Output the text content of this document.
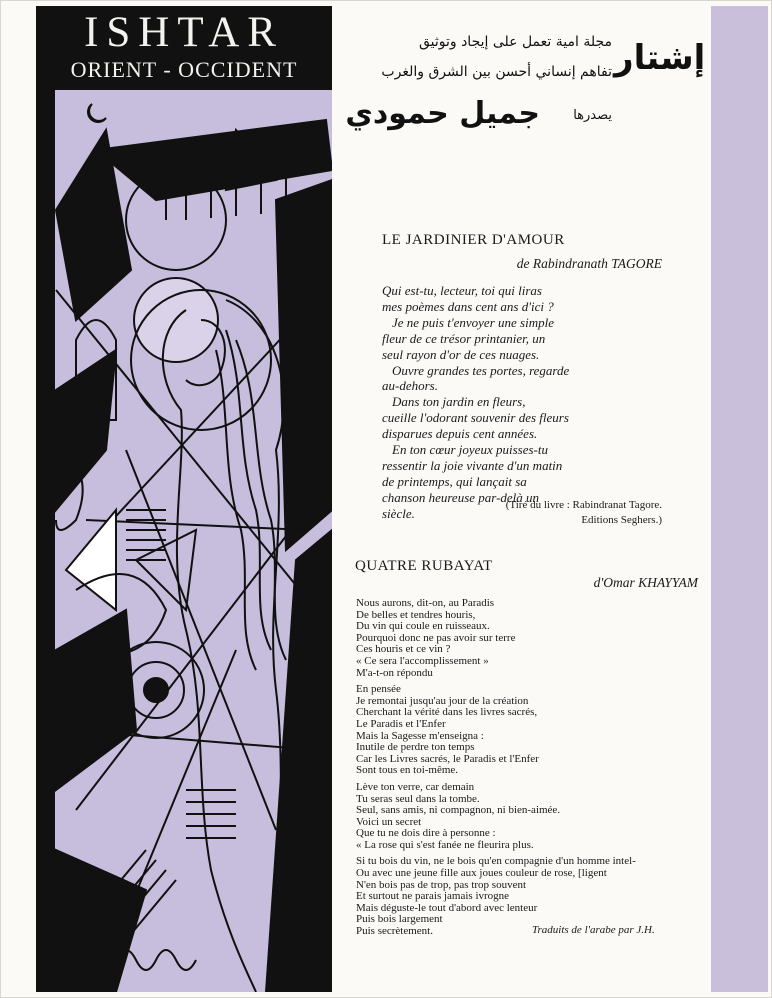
ISHTAR
ORIENT - OCCIDENT	إشتار
مجلة امية تعمل على إيجاد وتوثيق
تفاهم إنساني أحسن بين الشرق والغرب
يصدرها
جميل حمودي
LE JARDINIER D'AMOUR
de Rabindranath TAGORE
Qui est-tu, lecteur, toi qui liras
mes poèmes dans cent ans d'ici ?
Je ne puis t'envoyer une simple
fleur de ce trésor printanier, un
seul rayon d'or de ces nuages.
Ouvre grandes tes portes, regarde
au-dehors.
Dans ton jardin en fleurs,
cueille l'odorant souvenir des fleurs
disparues depuis cent années.
En ton cœur joyeux puisses-tu
ressentir la joie vivante d'un matin
de printemps, qui lançait sa
chanson heureuse par-delà un
siècle.
(Tiré du livre : Rabindranat Tagore.
Editions Seghers.)
QUATRE RUBAYAT
d'Omar KHAYYAM
Nous aurons, dit-on, au Paradis
De belles et tendres houris,
Du vin qui coule en ruisseaux.
Pourquoi donc ne pas avoir sur terre
Ces houris et ce vin ?
« Ce sera l'accomplissement »
M'a-t-on répondu
En pensée
Je remontai jusqu'au jour de la création
Cherchant la vérité dans les livres sacrés,
Le Paradis et l'Enfer
Mais la Sagesse m'enseigna :
Inutile de perdre ton temps
Car les Livres sacrés, le Paradis et l'Enfer
Sont tous en toi-même.
Lève ton verre, car demain
Tu seras seul dans la tombe.
Seul, sans amis, ni compagnon, ni bien-aimée.
Voici un secret
Que tu ne dois dire à personne :
« La rose qui s'est fanée ne fleurira plus.
Si tu bois du vin, ne le bois qu'en compagnie d'un homme intel-
Ou avec une jeune fille aux joues couleur de rose, [ligent
N'en bois pas de trop, pas trop souvent
Et surtout ne parais jamais ivrogne
Mais déguste-le tout d'abord avec lenteur
Puis bois largement
Puis secrètement.	Traduits de l'arabe par J.H.
